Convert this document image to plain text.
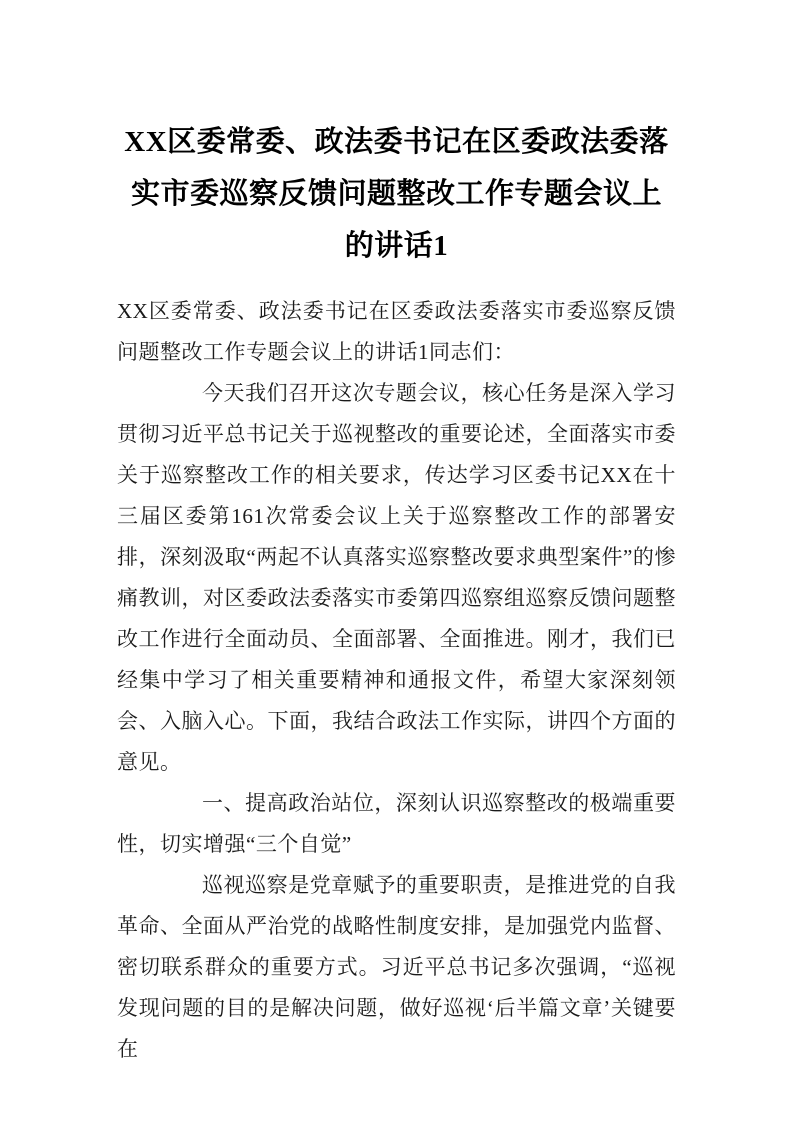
XX区委常委、政法委书记在区委政法委落
实市委巡察反馈问题整改工作专题会议上
的讲话1

XX区委常委、政法委书记在区委政法委落实市委巡察反馈问题整改工作专题会议上的讲话1同志们：

今天我们召开这次专题会议，核心任务是深入学习贯彻习近平总书记关于巡视整改的重要论述，全面落实市委关于巡察整改工作的相关要求，传达学习区委书记XX在十三届区委第161次常委会议上关于巡察整改工作的部署安排，深刻汲取“两起不认真落实巡察整改要求典型案件”的惨痛教训，对区委政法委落实市委第四巡察组巡察反馈问题整改工作进行全面动员、全面部署、全面推进。刚才，我们已经集中学习了相关重要精神和通报文件，希望大家深刻领会、入脑入心。下面，我结合政法工作实际，讲四个方面的意见。

一、提高政治站位，深刻认识巡察整改的极端重要性，切实增强“三个自觉”

巡视巡察是党章赋予的重要职责，是推进党的自我革命、全面从严治党的战略性制度安排，是加强党内监督、密切联系群众的重要方式。习近平总书记多次强调，“巡视发现问题的目的是解决问题，做好巡视‘后半篇文章’关键要在
